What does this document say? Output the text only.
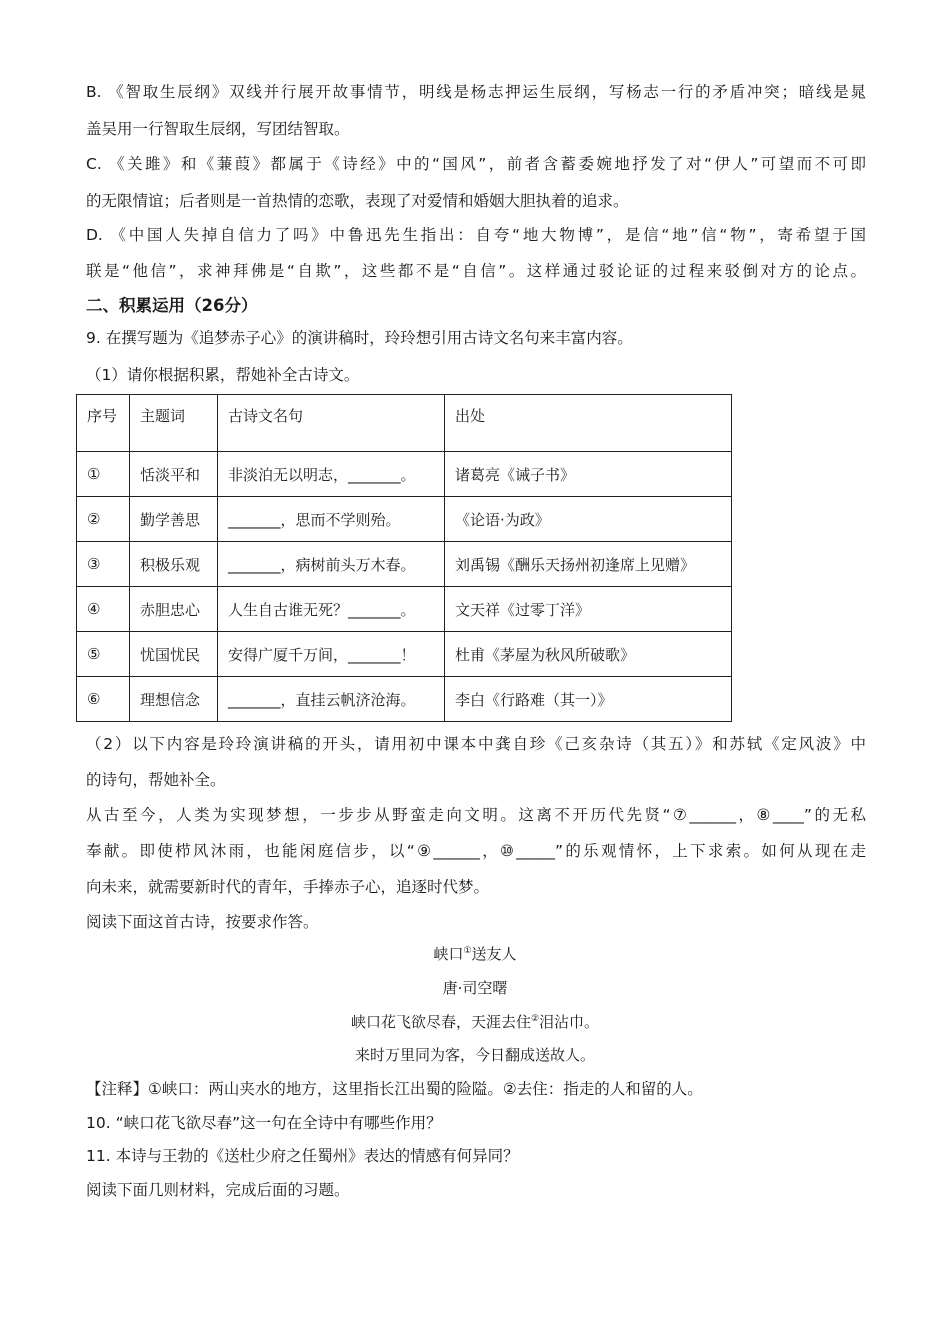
B. 《智取生辰纲》双线并行展开故事情节，明线是杨志押运生辰纲，写杨志一行的矛盾冲突；暗线是晁
盖吴用一行智取生辰纲，写团结智取。
C. 《关雎》和《蒹葭》都属于《诗经》中的“国风”，前者含蓄委婉地抒发了对“伊人”可望而不可即
的无限情谊；后者则是一首热情的恋歌，表现了对爱情和婚姻大胆执着的追求。
D. 《中国人失掉自信力了吗》中鲁迅先生指出：自夸“地大物博”，是信“地”信“物”，寄希望于国
联是“他信”，求神拜佛是“自欺”，这些都不是“自信”。这样通过驳论证的过程来驳倒对方的论点。
二、积累运用（26分）
9. 在撰写题为《追梦赤子心》的演讲稿时，玲玲想引用古诗文名句来丰富内容。
（1）请你根据积累，帮她补全古诗文。
序号	主题词	古诗文名句	出处
①	恬淡平和	非淡泊无以明志，_______。	诸葛亮《诫子书》
②	勤学善思	_______，思而不学则殆。	《论语·为政》
③	积极乐观	_______，病树前头万木春。	刘禹锡《酬乐天扬州初逢席上见赠》
④	赤胆忠心	人生自古谁无死？_______。	文天祥《过零丁洋》
⑤	忧国忧民	安得广厦千万间，_______！	杜甫《茅屋为秋风所破歌》
⑥	理想信念	_______，直挂云帆济沧海。	李白《行路难（其一）》
（2）以下内容是玲玲演讲稿的开头，请用初中课本中龚自珍《己亥杂诗（其五）》和苏轼《定风波》中
的诗句，帮她补全。
从古至今，人类为实现梦想，一步步从野蛮走向文明。这离不开历代先贤“⑦______，⑧____”的无私
奉献。即使栉风沐雨，也能闲庭信步，以“⑨______，⑩_____”的乐观情怀，上下求索。如何从现在走
向未来，就需要新时代的青年，手捧赤子心，追逐时代梦。
阅读下面这首古诗，按要求作答。
峡口①送友人
唐·司空曙
峡口花飞欲尽春，天涯去住②泪沾巾。
来时万里同为客，今日翻成送故人。
【注释】①峡口：两山夹水的地方，这里指长江出蜀的险隘。②去住：指走的人和留的人。
10. “峡口花飞欲尽春”这一句在全诗中有哪些作用？
11. 本诗与王勃的《送杜少府之任蜀州》表达的情感有何异同？
阅读下面几则材料，完成后面的习题。
